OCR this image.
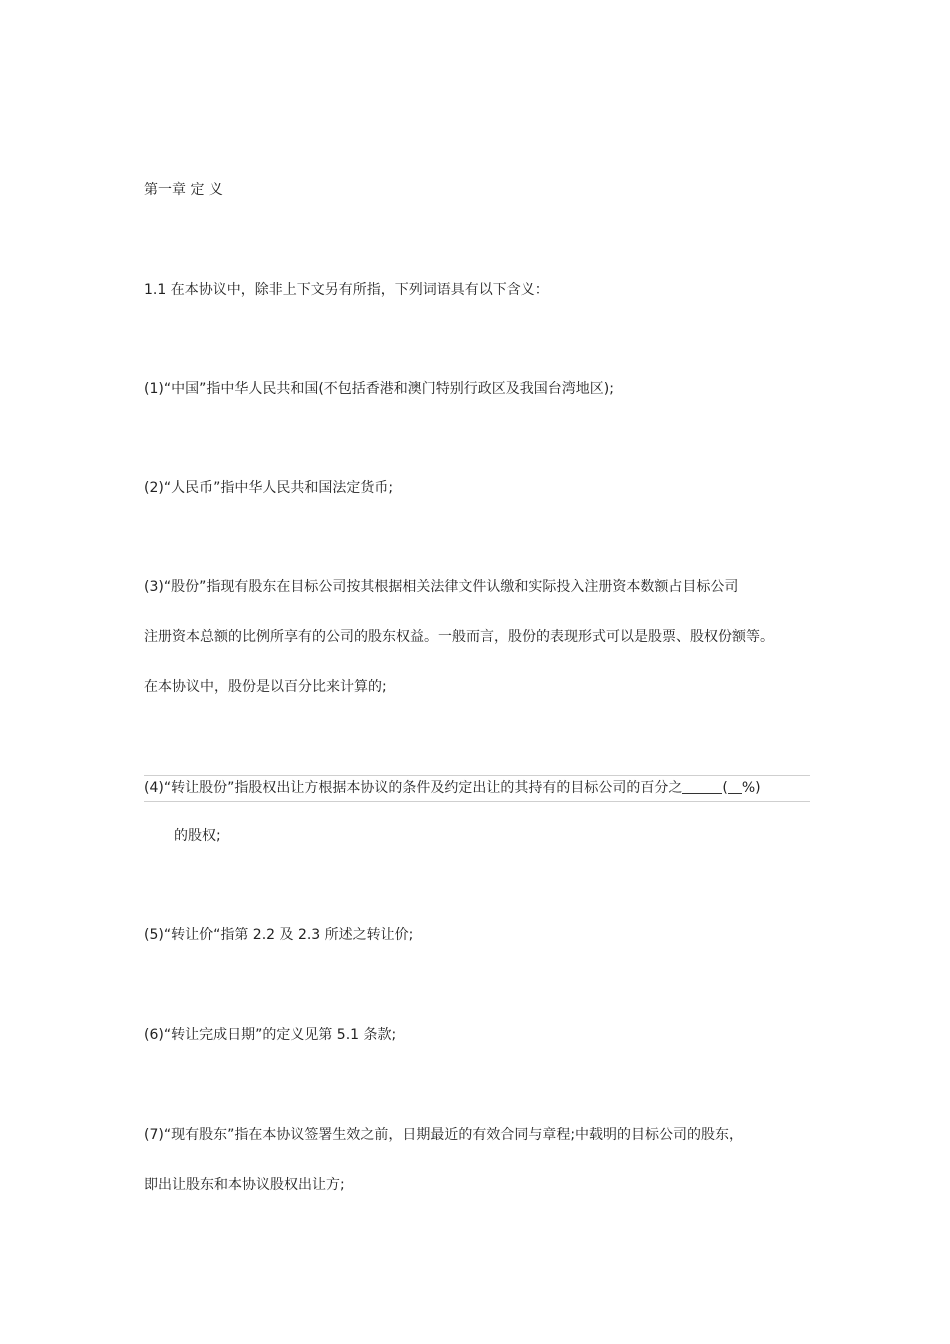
第一章 定 义
1.1 在本协议中，除非上下文另有所指，下列词语具有以下含义：
(1)“中国”指中华人民共和国(不包括香港和澳门特别行政区及我国台湾地区);
(2)“人民币”指中华人民共和国法定货币;
(3)“股份”指现有股东在目标公司按其根据相关法律文件认缴和实际投入注册资本数额占目标公司
注册资本总额的比例所享有的公司的股东权益。一般而言，股份的表现形式可以是股票、股权份额等。
在本协议中，股份是以百分比来计算的;
(4)“转让股份”指股权出让方根据本协议的条件及约定出让的其持有的目标公司的百分之	( %)
的股权;
(5)“转让价“指第 2.2 及 2.3 所述之转让价;
(6)“转让完成日期”的定义见第 5.1 条款;
(7)“现有股东”指在本协议签署生效之前，日期最近的有效合同与章程;中载明的目标公司的股东，
即出让股东和本协议股权出让方;
